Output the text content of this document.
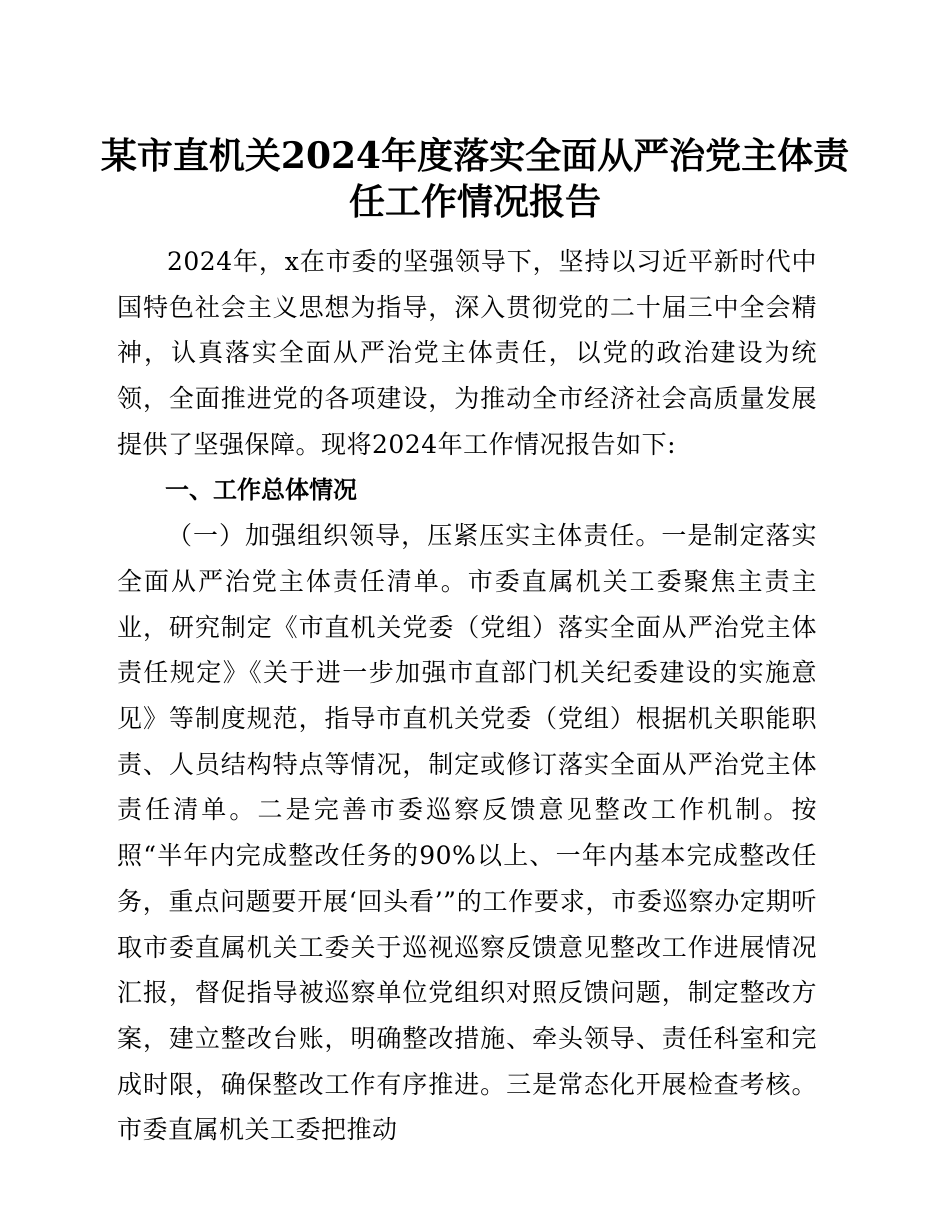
某市直机关2024年度落实全面从严治党主体责任工作情况报告

2024年，x在市委的坚强领导下，坚持以习近平新时代中国特色社会主义思想为指导，深入贯彻党的二十届三中全会精神，认真落实全面从严治党主体责任，以党的政治建设为统领，全面推进党的各项建设，为推动全市经济社会高质量发展提供了坚强保障。现将2024年工作情况报告如下:

一、工作总体情况

（一）加强组织领导，压紧压实主体责任。一是制定落实全面从严治党主体责任清单。市委直属机关工委聚焦主责主业，研究制定《市直机关党委（党组）落实全面从严治党主体责任规定》《关于进一步加强市直部门机关纪委建设的实施意见》等制度规范，指导市直机关党委（党组）根据机关职能职责、人员结构特点等情况，制定或修订落实全面从严治党主体责任清单。二是完善市委巡察反馈意见整改工作机制。按照“半年内完成整改任务的90%以上、一年内基本完成整改任务，重点问题要开展‘回头看’”的工作要求，市委巡察办定期听取市委直属机关工委关于巡视巡察反馈意见整改工作进展情况汇报，督促指导被巡察单位党组织对照反馈问题，制定整改方案，建立整改台账，明确整改措施、牵头领导、责任科室和完成时限，确保整改工作有序推进。三是常态化开展检查考核。市委直属机关工委把推动
